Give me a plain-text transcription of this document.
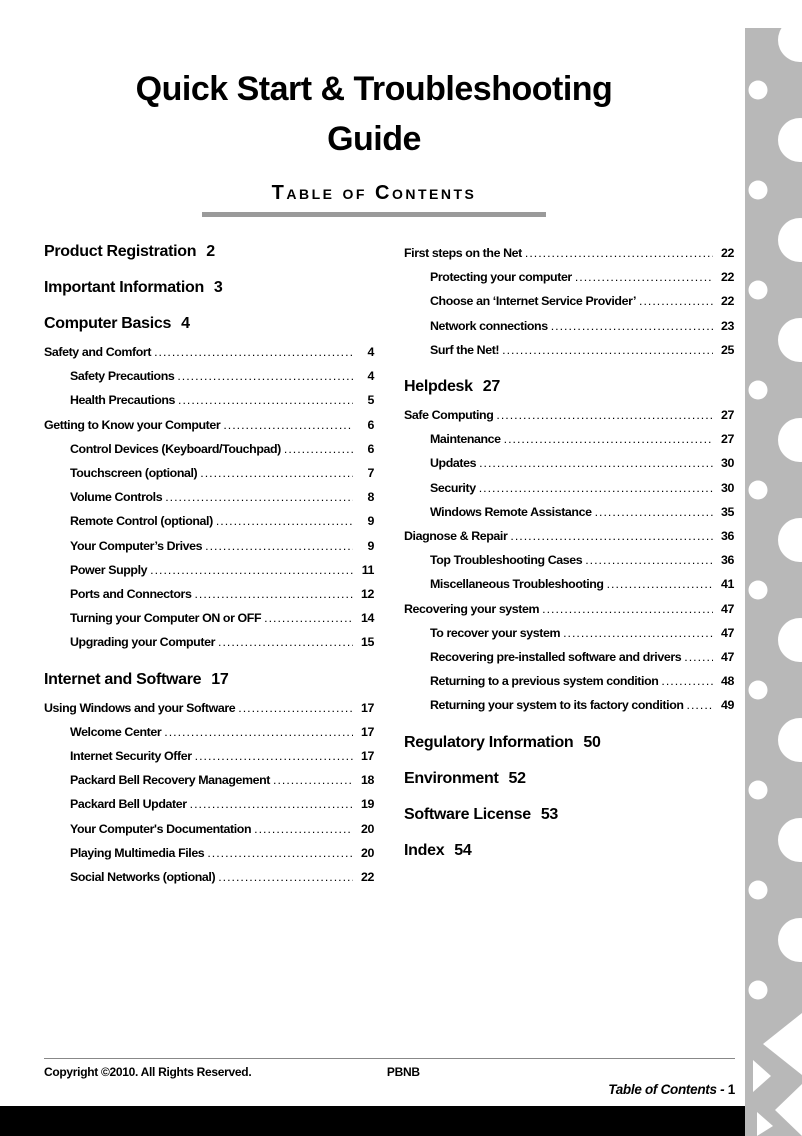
Quick Start & Troubleshooting
Guide
Table of Contents
Product Registration 2
Important Information 3
Computer Basics 4
Safety and Comfort .....	4
Safety Precautions .....	4
Health Precautions .....	5
Getting to Know your Computer .....	6
Control Devices (Keyboard/Touchpad) .....	6
Touchscreen (optional) .....	7
Volume Controls .....	8
Remote Control (optional) .....	9
Your Computer’s Drives .....	9
Power Supply .....	11
Ports and Connectors .....	12
Turning your Computer ON or OFF .....	14
Upgrading your Computer .....	15
Internet and Software 17
Using Windows and your Software .....	17
Welcome Center .....	17
Internet Security Offer .....	17
Packard Bell Recovery Management .....	18
Packard Bell Updater .....	19
Your Computer's Documentation .....	20
Playing Multimedia Files .....	20
Social Networks (optional) .....	22
First steps on the Net .....	22
Protecting your computer .....	22
Choose an ‘Internet Service Provider’ .....	22
Network connections .....	23
Surf the Net! .....	25
Helpdesk 27
Safe Computing .....	27
Maintenance .....	27
Updates .....	30
Security .....	30
Windows Remote Assistance .....	35
Diagnose & Repair .....	36
Top Troubleshooting Cases .....	36
Miscellaneous Troubleshooting .....	41
Recovering your system .....	47
To recover your system .....	47
Recovering pre-installed software and drivers .....	47
Returning to a previous system condition .....	48
Returning your system to its factory condition .....	49
Regulatory Information 50
Environment 52
Software License 53
Index 54
Copyright ©2010. All Rights Reserved.	PBNB
Table of Contents - 1
